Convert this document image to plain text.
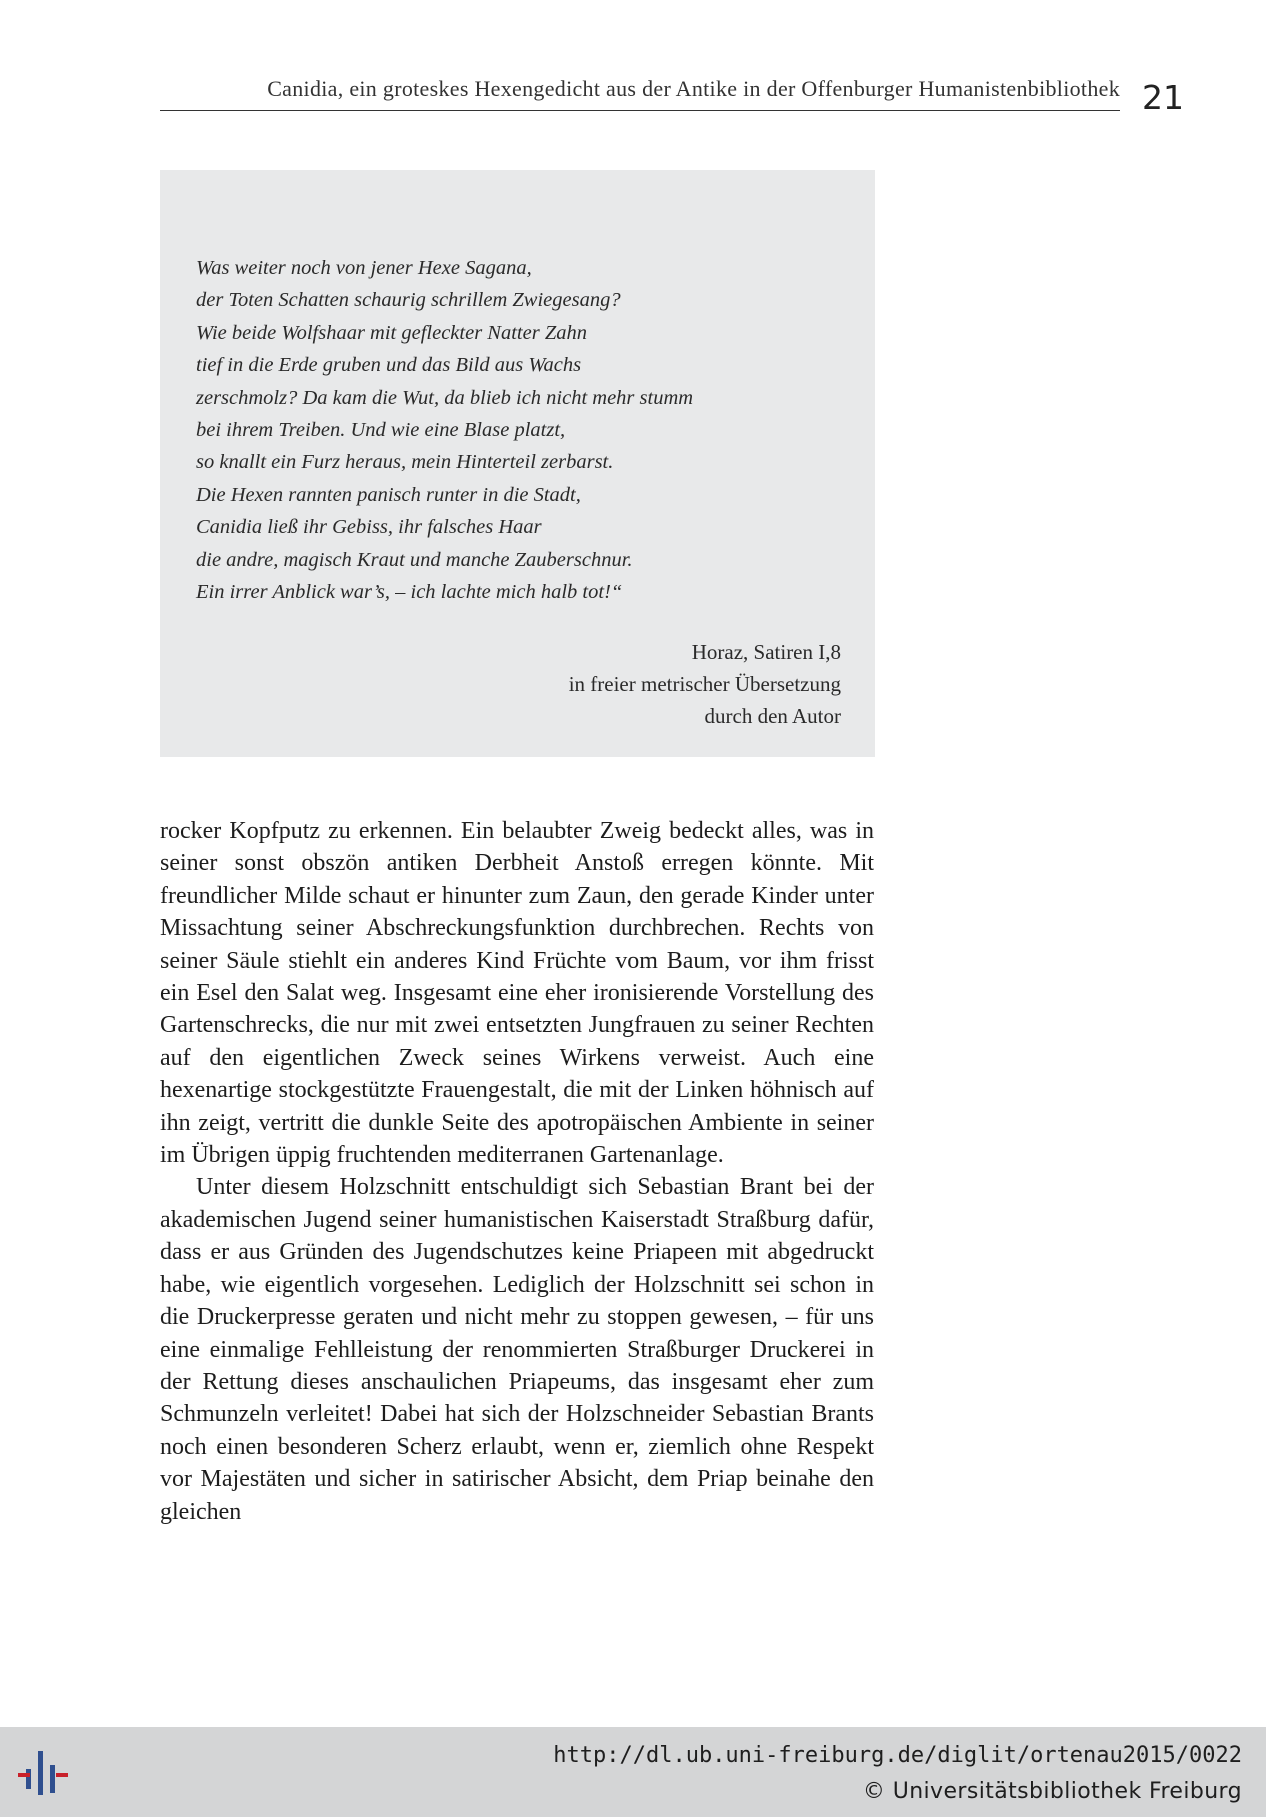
Canidia, ein groteskes Hexengedicht aus der Antike in der Offenburger Humanistenbibliothek 21
Was weiter noch von jener Hexe Sagana,
der Toten Schatten schaurig schrillem Zwiegesang?
Wie beide Wolfshaar mit gefleckter Natter Zahn
tief in die Erde gruben und das Bild aus Wachs
zerschmolz? Da kam die Wut, da blieb ich nicht mehr stumm
bei ihrem Treiben. Und wie eine Blase platzt,
so knallt ein Furz heraus, mein Hinterteil zerbarst.
Die Hexen rannten panisch runter in die Stadt,
Canidia ließ ihr Gebiss, ihr falsches Haar
die andre, magisch Kraut und manche Zauberschnur.
Ein irrer Anblick war’s, – ich lachte mich halb tot!“
Horaz, Satiren I,8
in freier metrischer Übersetzung
durch den Autor

rocker Kopfputz zu erkennen. Ein belaubter Zweig bedeckt alles, was in seiner sonst obszön antiken Derbheit Anstoß erregen könnte. Mit freundlicher Milde schaut er hinunter zum Zaun, den gerade Kinder unter Missachtung seiner Abschreckungsfunktion durchbrechen. Rechts von seiner Säule stiehlt ein anderes Kind Früchte vom Baum, vor ihm frisst ein Esel den Salat weg. Insgesamt eine eher ironisierende Vorstellung des Gartenschrecks, die nur mit zwei entsetzten Jungfrauen zu seiner Rechten auf den eigentlichen Zweck seines Wirkens verweist. Auch eine hexenartige stockgestützte Frauengestalt, die mit der Linken höhnisch auf ihn zeigt, vertritt die dunkle Seite des apotropäischen Ambiente in seiner im Übrigen üppig fruchtenden mediterranen Gartenanlage.

Unter diesem Holzschnitt entschuldigt sich Sebastian Brant bei der akademischen Jugend seiner humanistischen Kaiserstadt Straßburg dafür, dass er aus Gründen des Jugendschutzes keine Priapeen mit abgedruckt habe, wie eigentlich vorgesehen. Lediglich der Holzschnitt sei schon in die Druckerpresse geraten und nicht mehr zu stoppen gewesen, – für uns eine einmalige Fehlleistung der renommierten Straßburger Druckerei in der Rettung dieses anschaulichen Priapeums, das insgesamt eher zum Schmunzeln verleitet! Dabei hat sich der Holzschneider Sebastian Brants noch einen besonderen Scherz erlaubt, wenn er, ziemlich ohne Respekt vor Majestäten und sicher in satirischer Absicht, dem Priap beinahe den gleichen

http://dl.ub.uni-freiburg.de/diglit/ortenau2015/0022
© Universitätsbibliothek Freiburg
